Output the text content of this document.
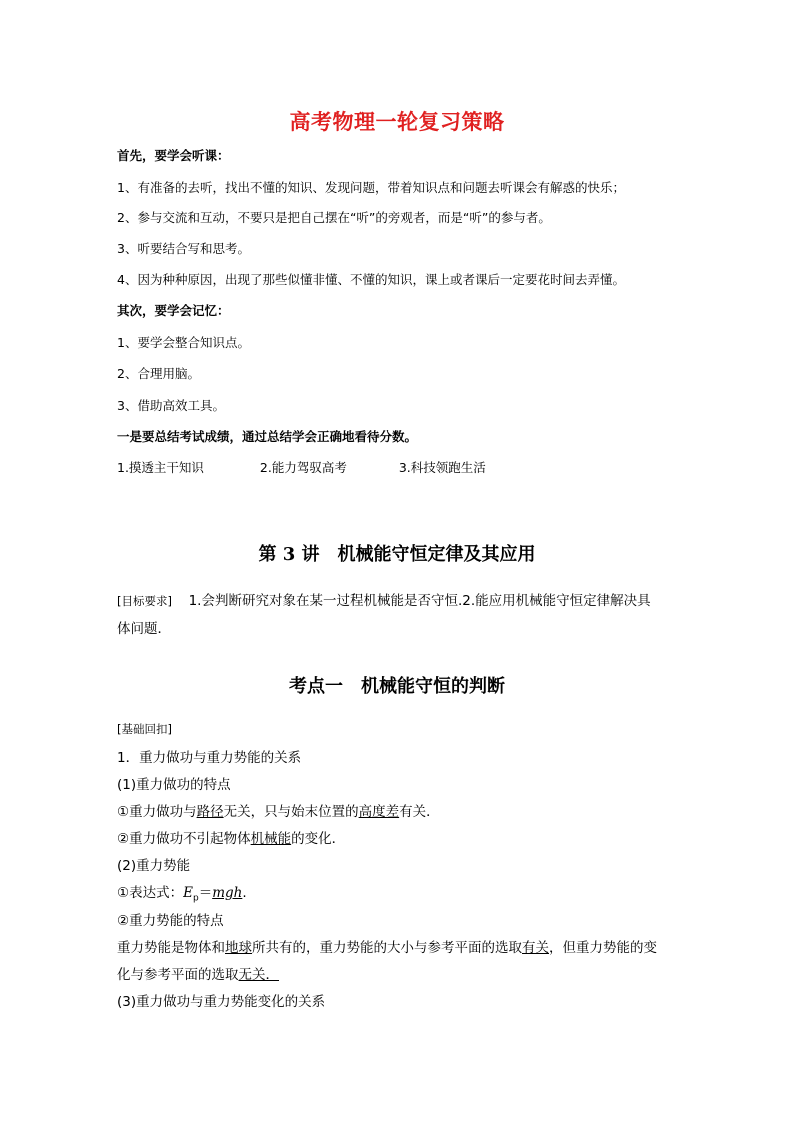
高考物理一轮复习策略
首先，要学会听课：
1、有准备的去听，找出不懂的知识、发现问题，带着知识点和问题去听课会有解惑的快乐；
2、参与交流和互动，不要只是把自己摆在“听”的旁观者，而是“听”的参与者。
3、听要结合写和思考。
4、因为种种原因，出现了那些似懂非懂、不懂的知识，课上或者课后一定要花时间去弄懂。
其次，要学会记忆：
1、要学会整合知识点。
2、合理用脑。
3、借助高效工具。
一是要总结考试成绩，通过总结学会正确地看待分数。
1.摸透主干知识	2.能力驾驭高考	3.科技领跑生活
第 3 讲 机械能守恒定律及其应用
[目标要求] 1.会判断研究对象在某一过程机械能是否守恒.2.能应用机械能守恒定律解决具
体问题．
考点一 机械能守恒的判断
[基础回扣]
1．重力做功与重力势能的关系
(1)重力做功的特点
①重力做功与路径无关，只与始末位置的高度差有关．
②重力做功不引起物体机械能的变化．
(2)重力势能
①表达式：$E_p=mgh$.
②重力势能的特点
重力势能是物体和地球所共有的，重力势能的大小与参考平面的选取有关，但重力势能的变
化与参考平面的选取无关．
(3)重力做功与重力势能变化的关系
